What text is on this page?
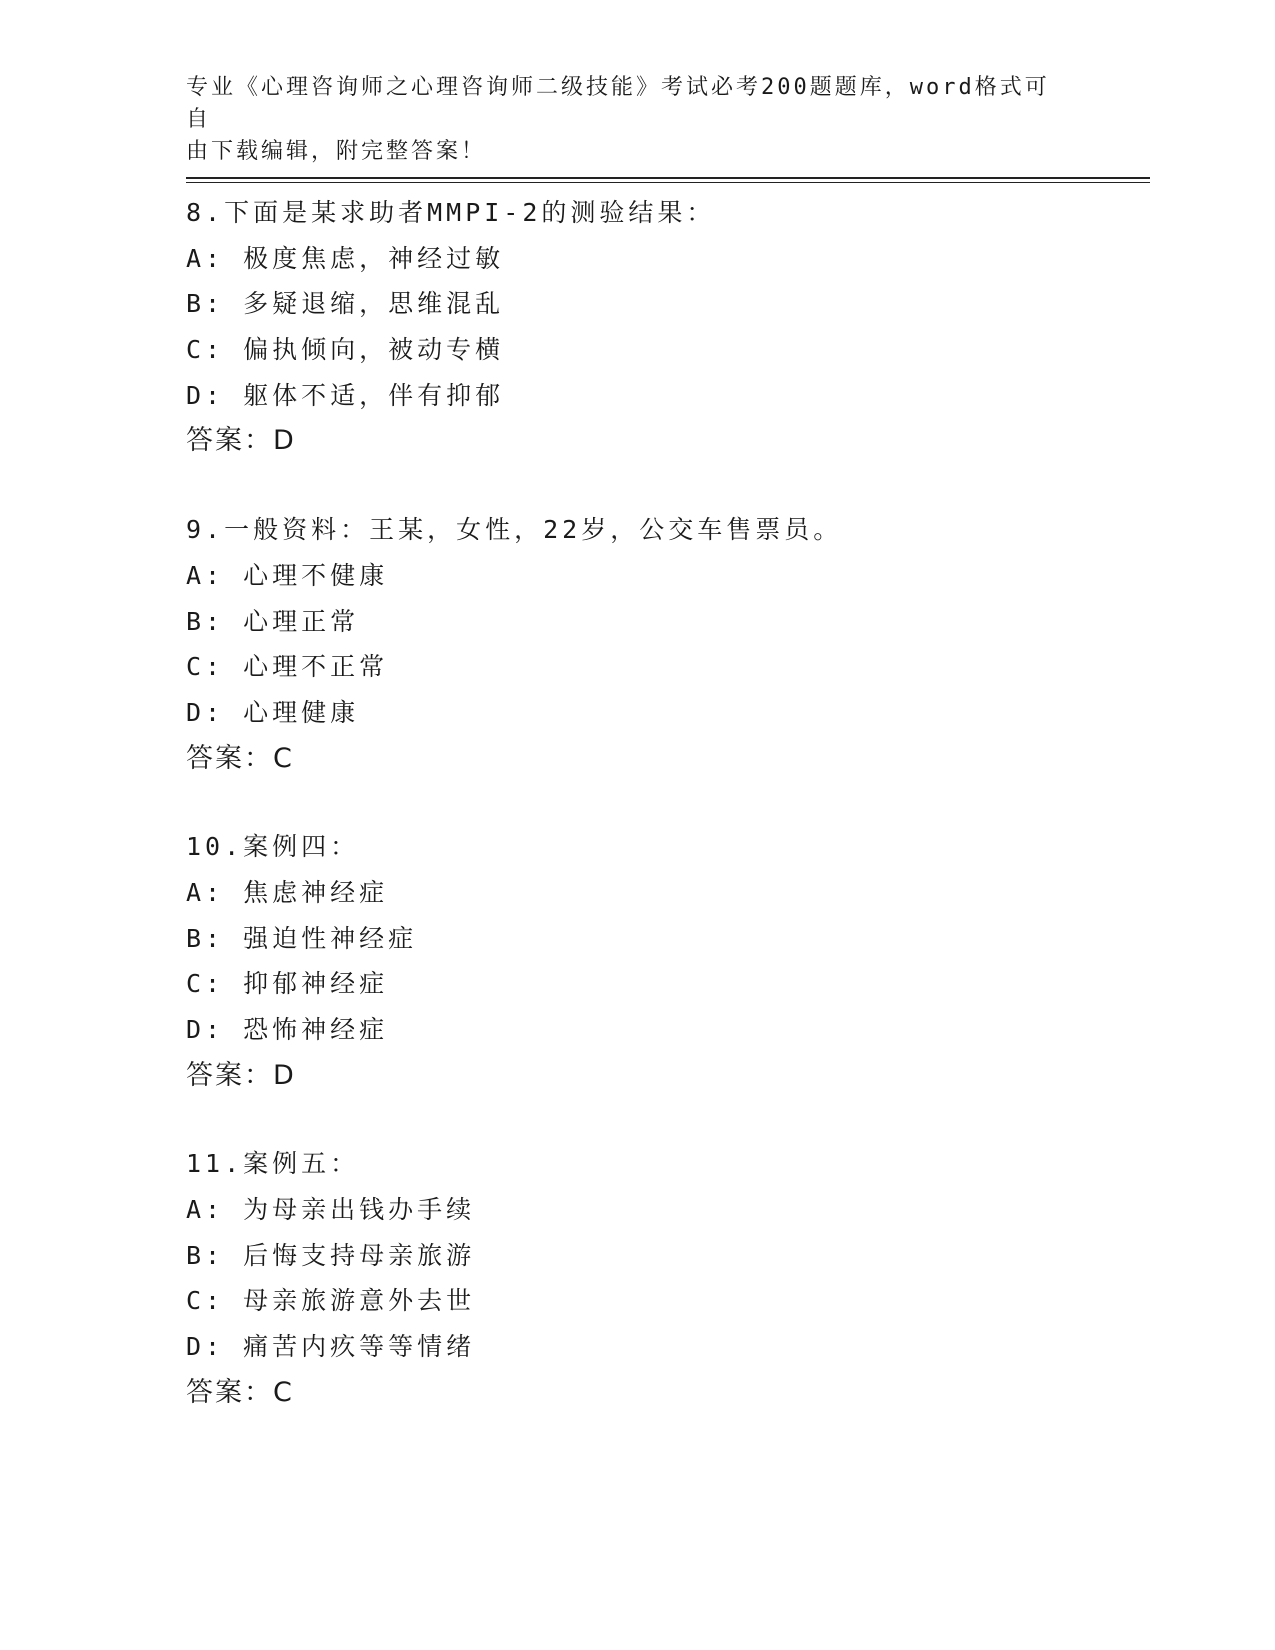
专业《心理咨询师之心理咨询师二级技能》考试必考200题题库，word格式可自
由下载编辑，附完整答案！
8.下面是某求助者MMPI-2的测验结果：
A: 极度焦虑，神经过敏
B: 多疑退缩，思维混乱
C: 偏执倾向，被动专横
D: 躯体不适，伴有抑郁
答案：D
9.一般资料：王某，女性，22岁，公交车售票员。
A: 心理不健康
B: 心理正常
C: 心理不正常
D: 心理健康
答案：C
10.案例四：
A: 焦虑神经症
B: 强迫性神经症
C: 抑郁神经症
D: 恐怖神经症
答案：D
11.案例五：
A: 为母亲出钱办手续
B: 后悔支持母亲旅游
C: 母亲旅游意外去世
D: 痛苦内疚等等情绪
答案：C
